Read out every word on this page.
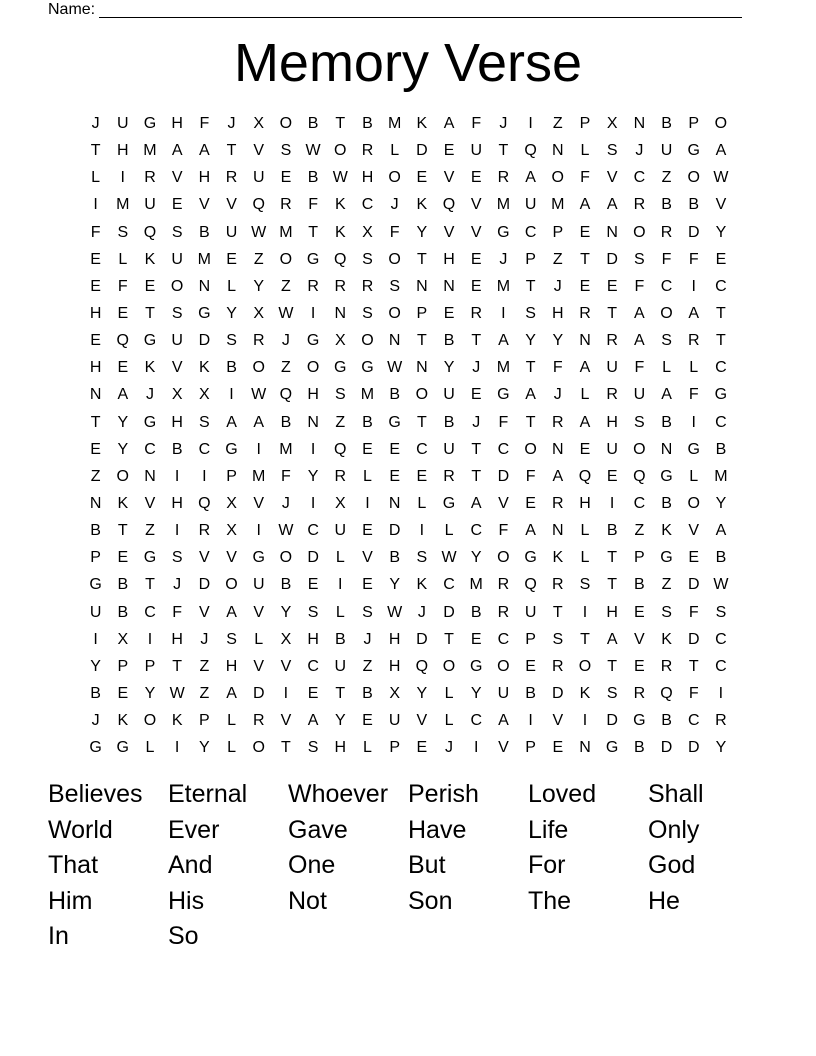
Name:
Memory Verse
J	U G H	F	J	X O B	T	B M K	A	F	J	I	Z	P	X	N	B	P O
T	H M A	A	T	V	S W O R	L	D	E	U	T	Q N	L	S	J	U G A
L	I	R	V	H R U	E	B W H O E	V	E	R	A O	F	V	C	Z	O W
I	M U	E	V	V Q R	F	K	C	J	K Q V M U M A	A	R	B	B	V
F	S Q S	B	U W M T	K	X	F	Y	V	V G C	P	E	N O R D	Y
E	L	K	U M E	Z	O G Q S O	T	H	E	J	P	Z	T	D	S	F	F	E
E	F	E O N	L	Y	Z	R R R	S	N N	E M T	J	E	E	F	C	I	C
H	E	T	S G Y	X W	I	N	S O P	E	R	I	S	H R	T	A O A	T
E Q G U D	S	R	J	G X O N	T	B	T	A	Y	Y	N R	A	S	R	T
H	E	K	V	K	B O	Z	O G G W N	Y	J	M T	F	A	U	F	L	L	C
N	A	J	X	X	I	W Q H	S M B O U	E G A	J	L	R U	A	F	G
T	Y G H	S	A	A	B	N	Z	B G	T	B	J	F	T	R	A	H	S	B	I	C
E	Y	C	B	C G	I	M	I	Q E	E	C U	T	C O N	E	U O N G B
Z	O N	I	I	P M F	Y	R	L	E	E	R	T	D	F	A Q E Q G	L	M
N	K	V	H Q X	V	J	I	X	I	N	L	G A	V	E	R H	I	C	B O Y
B	T	Z	I	R	X	I	W C U	E	D	I	L	C	F	A	N	L	B	Z	K	V	A
P	E G S	V	V G O D	L	V	B	S W Y O G K	L	T	P G E	B
G B	T	J	D O U	B	E	I	E	Y	K	C M R Q R	S	T	B	Z	D W
U	B	C	F	V	A	V	Y	S	L	S W J	D	B	R U	T	I	H	E	S	F	S
I	X	I	H	J	S	L	X	H	B	J	H D	T	E	C	P	S	T	A	V	K	D C
Y	P	P	T	Z	H	V	V	C U	Z	H Q O G O E	R O	T	E	R	T	C
B	E	Y W Z	A	D	I	E	T	B	X	Y	L	Y	U	B	D	K	S	R Q	F	I
J	K O K	P	L	R	V	A	Y	E	U	V	L	C	A	I	V	I	D G B	C R
G G	L	I	Y	L	O	T	S	H	L	P	E	J	I	V	P	E	N G B	D D	Y
Believes	Eternal	Whoever Perish	Loved	Shall
World	Ever	Gave	Have	Life	Only
That	And	One	But	For	God
Him	His	Not	Son	The	He
In	So
